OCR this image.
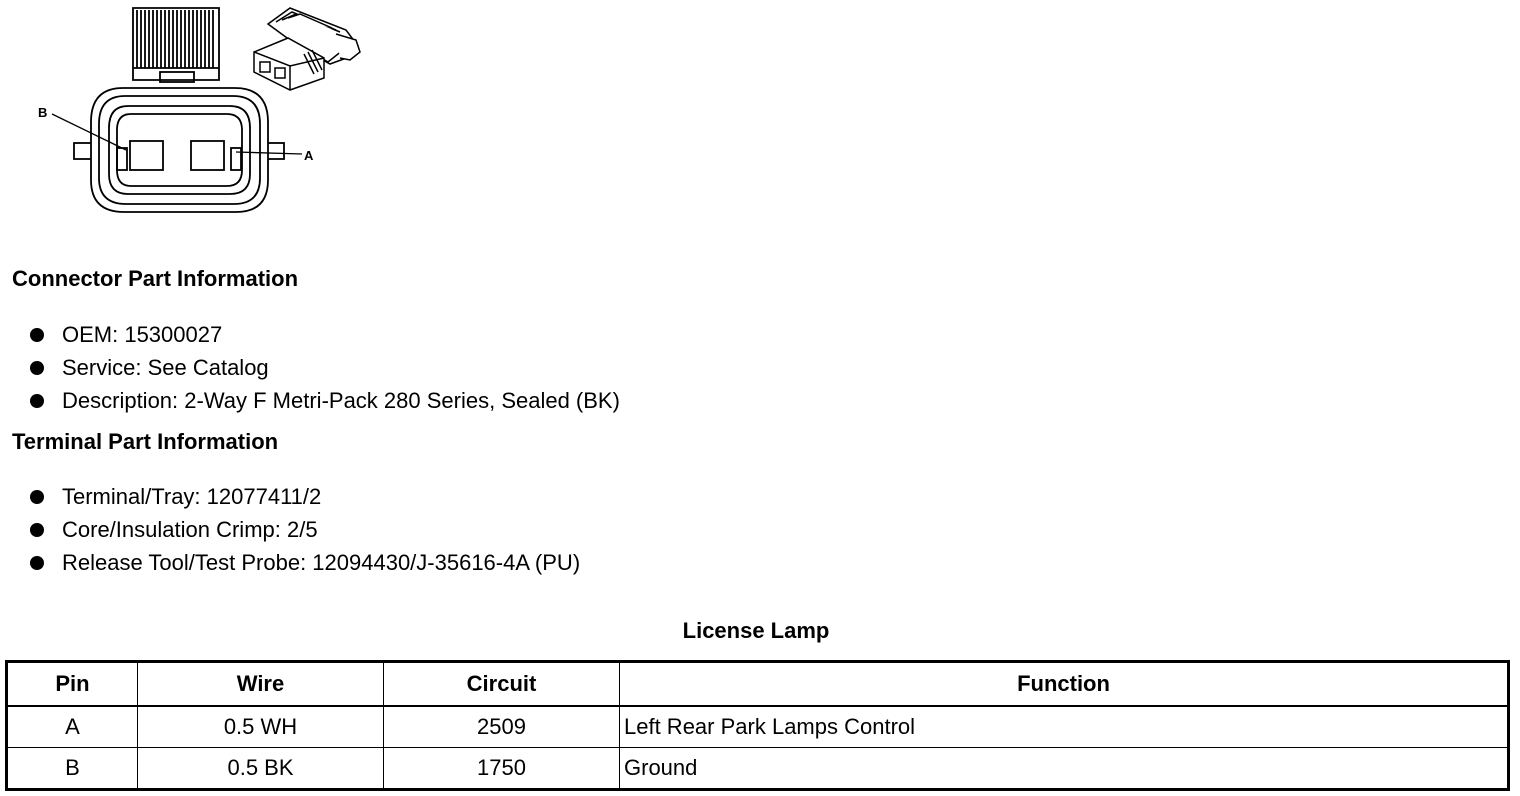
B
A
Connector Part Information
OEM: 15300027
Service: See Catalog
Description: 2-Way F Metri-Pack 280 Series, Sealed (BK)
Terminal Part Information
Terminal/Tray: 12077411/2
Core/Insulation Crimp: 2/5
Release Tool/Test Probe: 12094430/J-35616-4A (PU)
License Lamp
Pin	Wire	Circuit	Function
A	0.5 WH	2509	Left Rear Park Lamps Control
B	0.5 BK	1750	Ground
